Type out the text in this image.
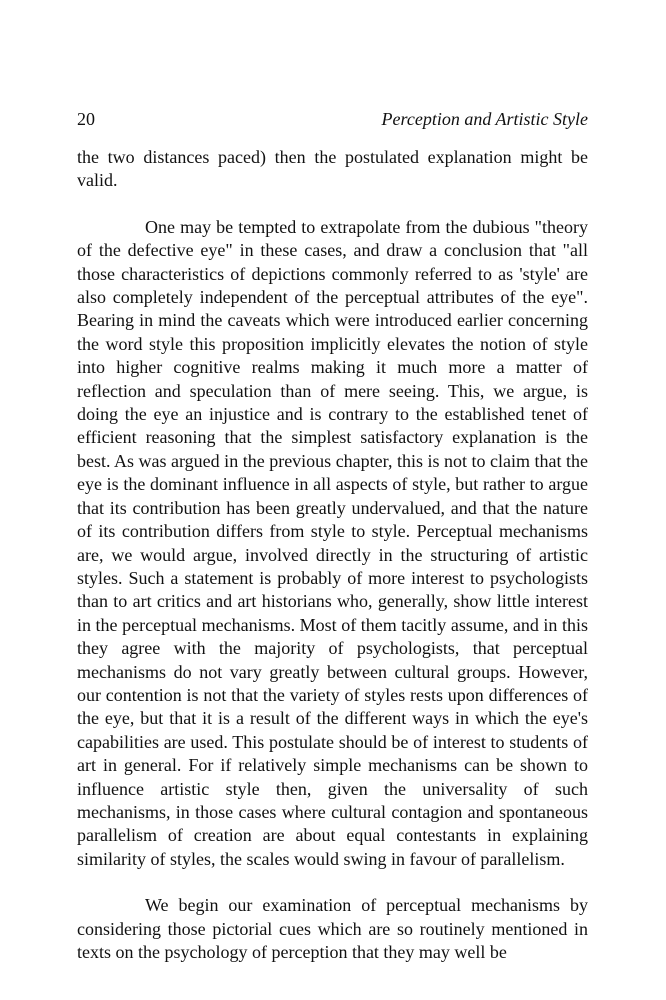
20	Perception and Artistic Style

the two distances paced) then the postulated explanation might be valid.

One may be tempted to extrapolate from the dubious "theory of the defective eye" in these cases, and draw a conclusion that "all those characteristics of depictions commonly referred to as 'style' are also completely independent of the perceptual attributes of the eye". Bearing in mind the caveats which were introduced earlier concerning the word style this proposition implicitly elevates the notion of style into higher cognitive realms making it much more a matter of reflection and speculation than of mere seeing. This, we argue, is doing the eye an injustice and is contrary to the established tenet of efficient reasoning that the simplest satisfactory explanation is the best. As was argued in the previous chapter, this is not to claim that the eye is the dominant influence in all aspects of style, but rather to argue that its contribution has been greatly undervalued, and that the nature of its contribution differs from style to style. Perceptual mechanisms are, we would argue, involved directly in the structuring of artistic styles. Such a statement is probably of more interest to psychologists than to art critics and art historians who, generally, show little interest in the perceptual mechanisms. Most of them tacitly assume, and in this they agree with the majority of psychologists, that perceptual mechanisms do not vary greatly between cultural groups. However, our contention is not that the variety of styles rests upon differences of the eye, but that it is a result of the different ways in which the eye's capabilities are used. This postulate should be of interest to students of art in general. For if relatively simple mechanisms can be shown to influence artistic style then, given the universality of such mechanisms, in those cases where cultural contagion and spontaneous parallelism of creation are about equal contestants in explaining similarity of styles, the scales would swing in favour of parallelism.

We begin our examination of perceptual mechanisms by considering those pictorial cues which are so routinely mentioned in texts on the psychology of perception that they may well be
